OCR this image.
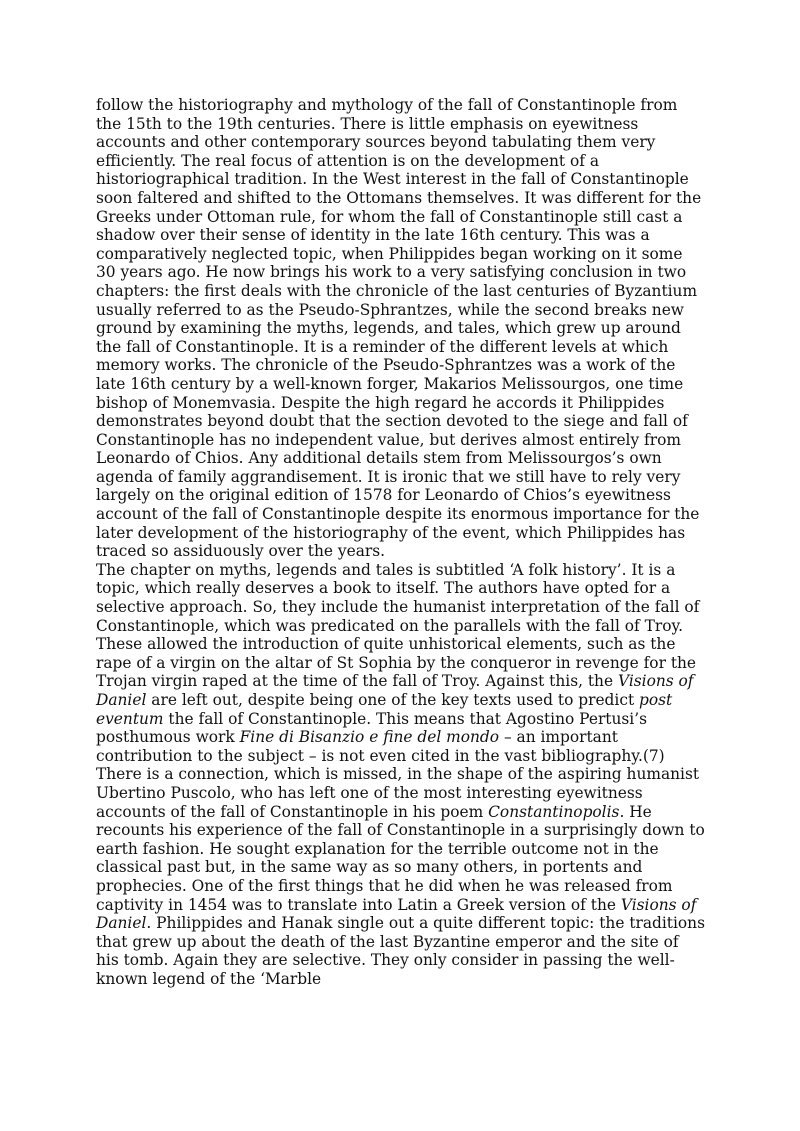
follow the historiography and mythology of the fall of Constantinople from the 15th to the 19th centuries. There is little emphasis on eyewitness accounts and other contemporary sources beyond tabulating them very efficiently. The real focus of attention is on the development of a historiographical tradition. In the West interest in the fall of Constantinople soon faltered and shifted to the Ottomans themselves. It was different for the Greeks under Ottoman rule, for whom the fall of Constantinople still cast a shadow over their sense of identity in the late 16th century. This was a comparatively neglected topic, when Philippides began working on it some 30 years ago. He now brings his work to a very satisfying conclusion in two chapters: the first deals with the chronicle of the last centuries of Byzantium usually referred to as the Pseudo-Sphrantzes, while the second breaks new ground by examining the myths, legends, and tales, which grew up around the fall of Constantinople. It is a reminder of the different levels at which memory works. The chronicle of the Pseudo-Sphrantzes was a work of the late 16th century by a well-known forger, Makarios Melissourgos, one time bishop of Monemvasia. Despite the high regard he accords it Philippides demonstrates beyond doubt that the section devoted to the siege and fall of Constantinople has no independent value, but derives almost entirely from Leonardo of Chios. Any additional details stem from Melissourgos’s own agenda of family aggrandisement. It is ironic that we still have to rely very largely on the original edition of 1578 for Leonardo of Chios’s eyewitness account of the fall of Constantinople despite its enormous importance for the later development of the historiography of the event, which Philippides has traced so assiduously over the years.

The chapter on myths, legends and tales is subtitled ‘A folk history’. It is a topic, which really deserves a book to itself. The authors have opted for a selective approach. So, they include the humanist interpretation of the fall of Constantinople, which was predicated on the parallels with the fall of Troy. These allowed the introduction of quite unhistorical elements, such as the rape of a virgin on the altar of St Sophia by the conqueror in revenge for the Trojan virgin raped at the time of the fall of Troy. Against this, the Visions of Daniel are left out, despite being one of the key texts used to predict post eventum the fall of Constantinople. This means that Agostino Pertusi’s posthumous work Fine di Bisanzio e fine del mondo – an important contribution to the subject – is not even cited in the vast bibliography.(7) There is a connection, which is missed, in the shape of the aspiring humanist Ubertino Puscolo, who has left one of the most interesting eyewitness accounts of the fall of Constantinople in his poem Constantinopolis. He recounts his experience of the fall of Constantinople in a surprisingly down to earth fashion. He sought explanation for the terrible outcome not in the classical past but, in the same way as so many others, in portents and prophecies. One of the first things that he did when he was released from captivity in 1454 was to translate into Latin a Greek version of the Visions of Daniel. Philippides and Hanak single out a quite different topic: the traditions that grew up about the death of the last Byzantine emperor and the site of his tomb. Again they are selective. They only consider in passing the well-known legend of the ‘Marble
